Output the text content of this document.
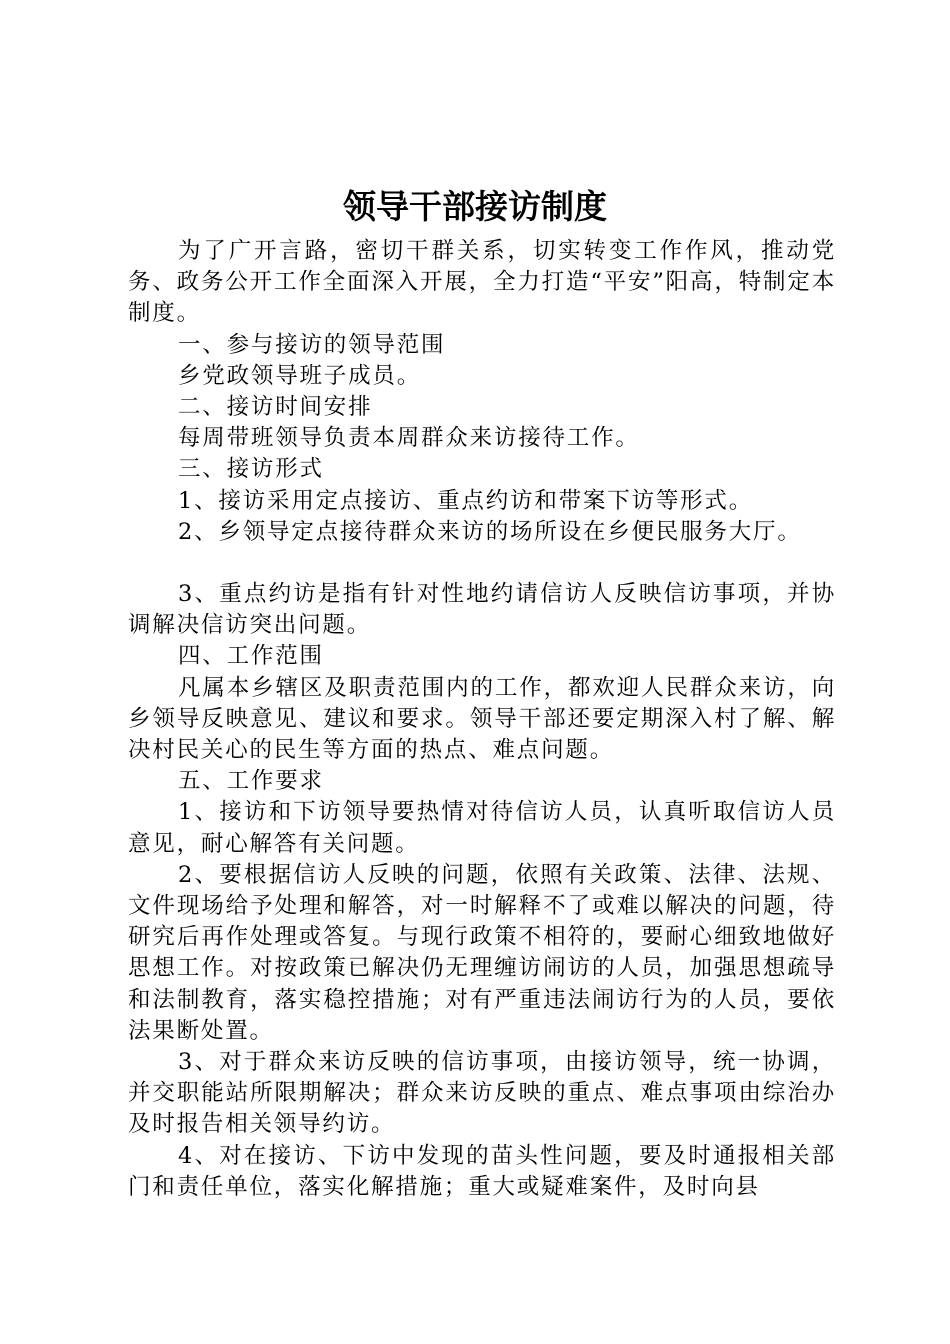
领导干部接访制度

为了广开言路，密切干群关系，切实转变工作作风，推动党务、政务公开工作全面深入开展，全力打造“平安”阳高，特制定本制度。

一、参与接访的领导范围

乡党政领导班子成员。

二、接访时间安排

每周带班领导负责本周群众来访接待工作。

三、接访形式

1、接访采用定点接访、重点约访和带案下访等形式。

2、乡领导定点接待群众来访的场所设在乡便民服务大厅。

3、重点约访是指有针对性地约请信访人反映信访事项，并协调解决信访突出问题。

四、工作范围

凡属本乡辖区及职责范围内的工作，都欢迎人民群众来访，向乡领导反映意见、建议和要求。领导干部还要定期深入村了解、解决村民关心的民生等方面的热点、难点问题。

五、工作要求

1、接访和下访领导要热情对待信访人员，认真听取信访人员意见，耐心解答有关问题。

2、要根据信访人反映的问题，依照有关政策、法律、法规、文件现场给予处理和解答，对一时解释不了或难以解决的问题，待研究后再作处理或答复。与现行政策不相符的，要耐心细致地做好思想工作。对按政策已解决仍无理缠访闹访的人员，加强思想疏导和法制教育，落实稳控措施；对有严重违法闹访行为的人员，要依法果断处置。

3、对于群众来访反映的信访事项，由接访领导，统一协调，并交职能站所限期解决；群众来访反映的重点、难点事项由综治办及时报告相关领导约访。

4、对在接访、下访中发现的苗头性问题，要及时通报相关部门和责任单位，落实化解措施；重大或疑难案件，及时向县
